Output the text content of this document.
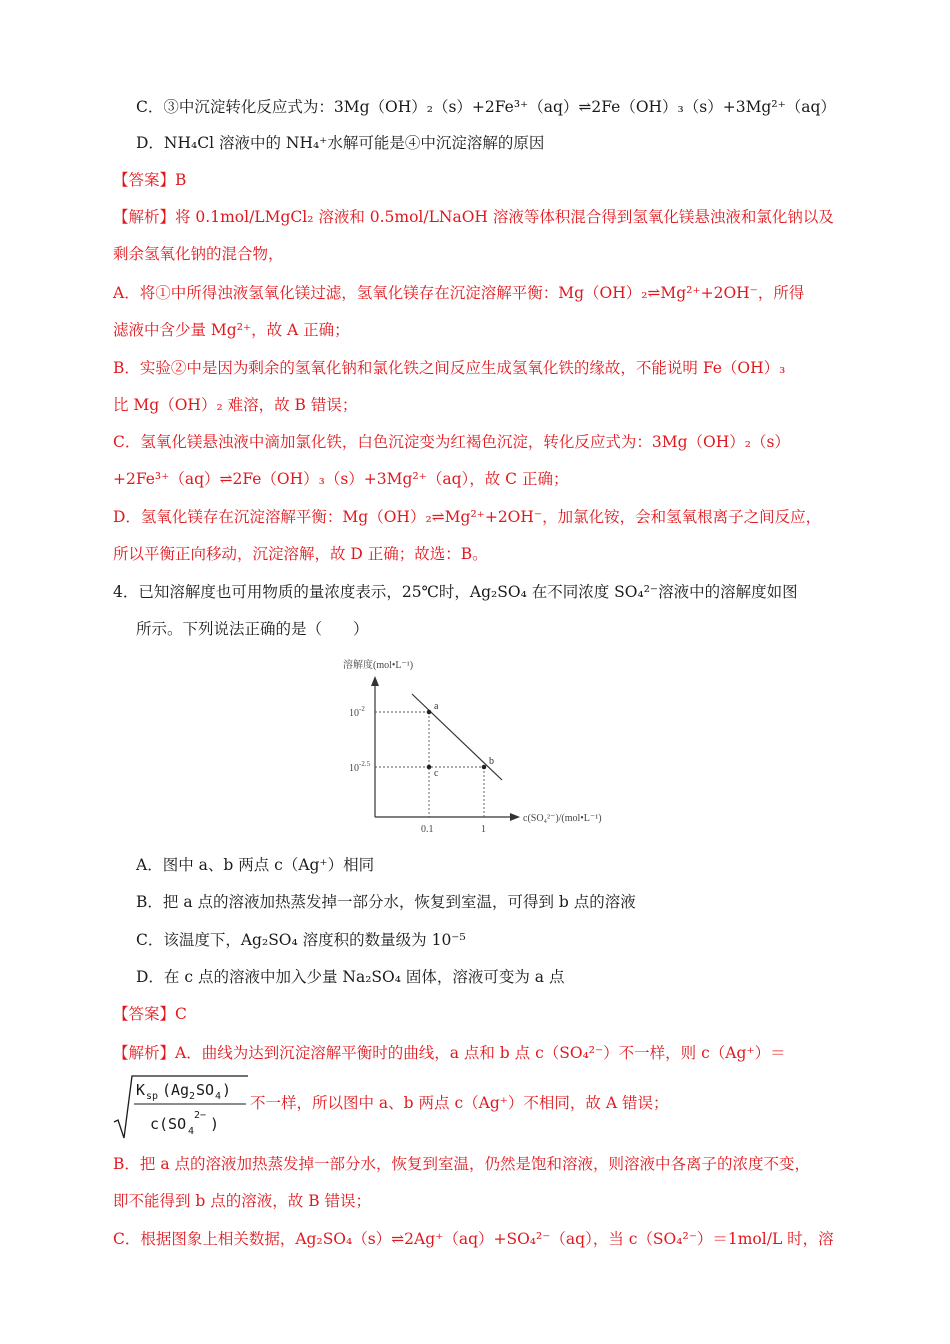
C．③中沉淀转化反应式为：3Mg（OH）₂（s）+2Fe³⁺（aq）⇌2Fe（OH）₃（s）+3Mg²⁺（aq）
D．NH₄Cl 溶液中的 NH₄⁺水解可能是④中沉淀溶解的原因
【答案】B
【解析】将 0.1mol/LMgCl₂ 溶液和 0.5mol/LNaOH 溶液等体积混合得到氢氧化镁悬浊液和氯化钠以及
剩余氢氧化钠的混合物，
A．将①中所得浊液氢氧化镁过滤，氢氧化镁存在沉淀溶解平衡：Mg（OH）₂⇌Mg²⁺+2OH⁻，所得
滤液中含少量 Mg²⁺，故 A 正确；
B．实验②中是因为剩余的氢氧化钠和氯化铁之间反应生成氢氧化铁的缘故，不能说明 Fe（OH）₃
比 Mg（OH）₂ 难溶，故 B 错误；
C．氢氧化镁悬浊液中滴加氯化铁，白色沉淀变为红褐色沉淀，转化反应式为：3Mg（OH）₂（s）
+2Fe³⁺（aq）⇌2Fe（OH）₃（s）+3Mg²⁺（aq），故 C 正确；
D．氢氧化镁存在沉淀溶解平衡：Mg（OH）₂⇌Mg²⁺+2OH⁻，加氯化铵，会和氢氧根离子之间反应，
所以平衡正向移动，沉淀溶解，故 D 正确；故选：B。
4．已知溶解度也可用物质的量浓度表示，25℃时，Ag₂SO₄ 在不同浓度 SO₄²⁻溶液中的溶解度如图
所示。下列说法正确的是（　　）
A．图中 a、b 两点 c（Ag⁺）相同
B．把 a 点的溶液加热蒸发掉一部分水，恢复到室温，可得到 b 点的溶液
C．该温度下，Ag₂SO₄ 溶度积的数量级为 10⁻⁵
D．在 c 点的溶液中加入少量 Na₂SO₄ 固体，溶液可变为 a 点
【答案】C
【解析】A．曲线为达到沉淀溶解平衡时的曲线，a 点和 b 点 c（SO₄²⁻）不一样，则 c（Ag⁺）＝
不一样，所以图中 a、b 两点 c（Ag⁺）不相同，故 A 错误；
B．把 a 点的溶液加热蒸发掉一部分水，恢复到室温，仍然是饱和溶液，则溶液中各离子的浓度不变，
即不能得到 b 点的溶液，故 B 错误；
C．根据图象上相关数据，Ag₂SO₄（s）⇌2Ag⁺（aq）+SO₄²⁻（aq），当 c（SO₄²⁻）＝1mol/L 时，溶
溶解度(mol•L⁻¹)
c(SO₄²⁻)/(mol•L⁻¹)
$10^{-2}$
$10^{-2.5}$
0.1	1
a
b
c
K sp (Ag 2 SO 4 )
c(SO 4
2− )
